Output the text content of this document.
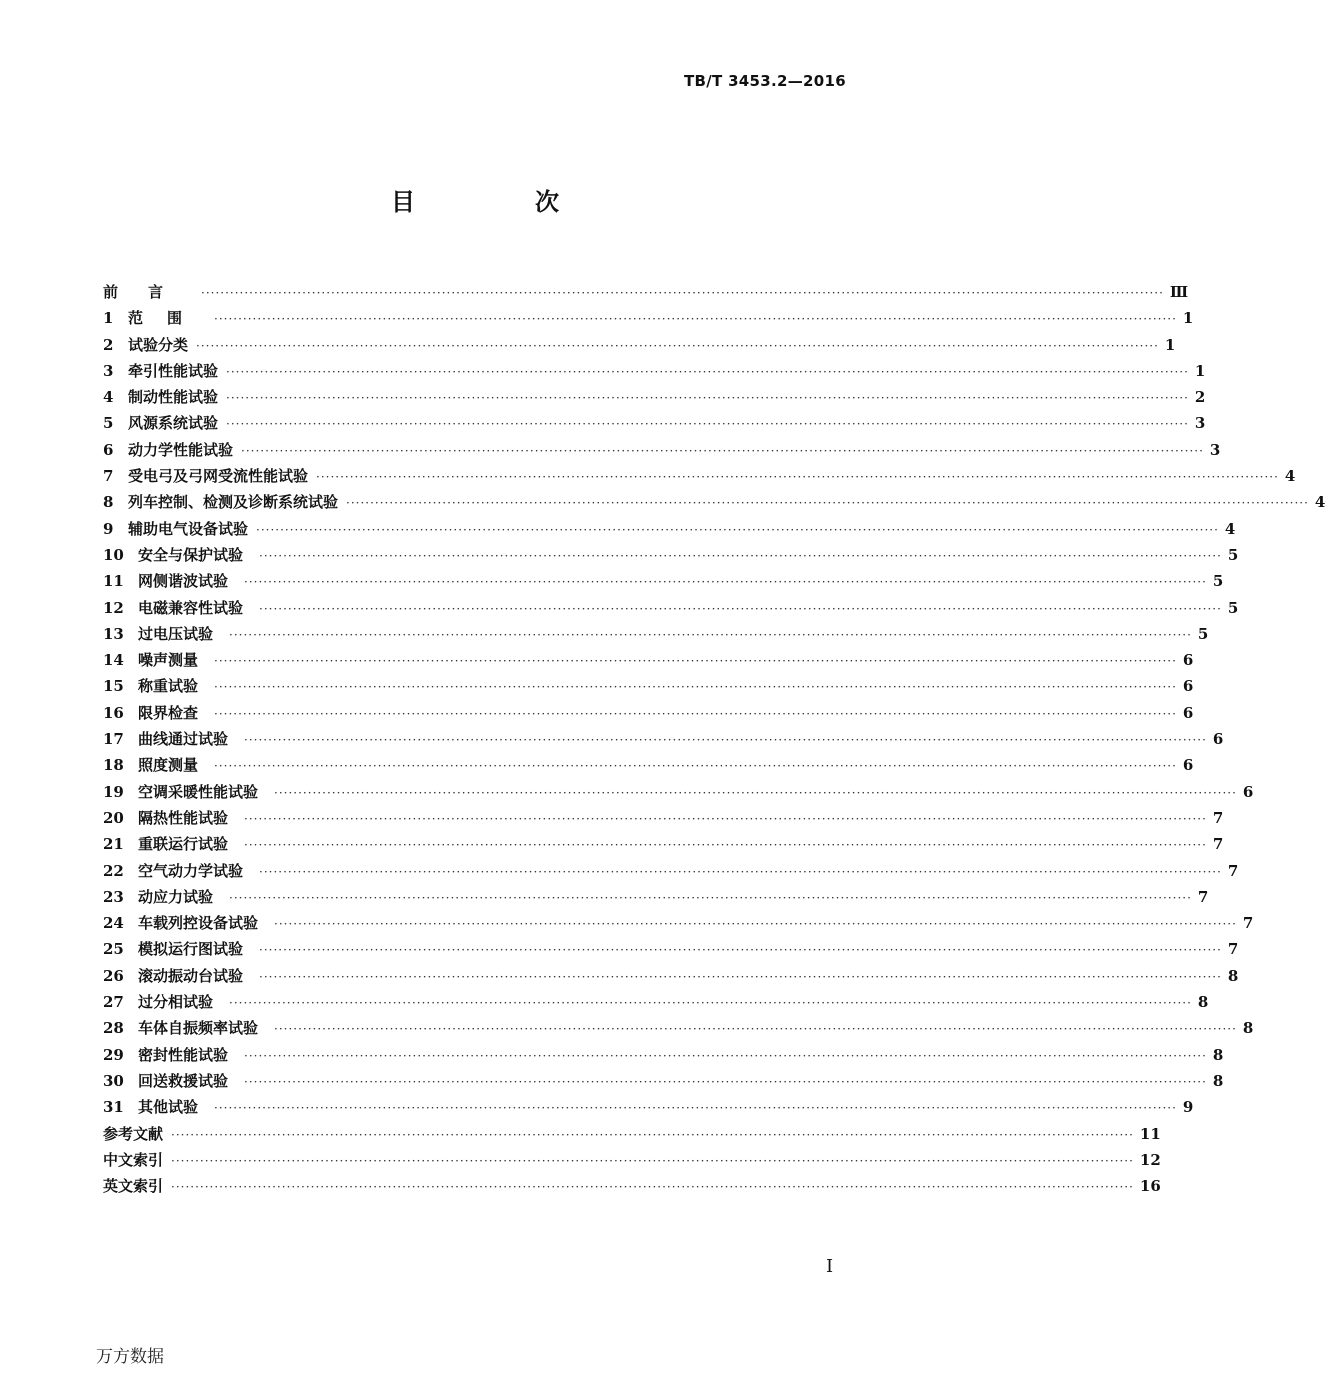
TB/T 3453.2—2016
目　次
前言 ········································································································································································································ Ⅲ
1 范围 ········································································································································································································ 1
2 试验分类 ········································································································································································································ 1
3 牵引性能试验 ········································································································································································································ 1
4 制动性能试验 ········································································································································································································ 2
5 风源系统试验 ········································································································································································································ 3
6 动力学性能试验 ········································································································································································································ 3
7 受电弓及弓网受流性能试验 ········································································································································································································ 4
8 列车控制、检测及诊断系统试验 ········································································································································································································ 4
9 辅助电气设备试验 ········································································································································································································ 4
10 安全与保护试验 ········································································································································································································ 5
11 网侧谐波试验 ········································································································································································································ 5
12 电磁兼容性试验 ········································································································································································································ 5
13 过电压试验 ········································································································································································································ 5
14 噪声测量 ········································································································································································································ 6
15 称重试验 ········································································································································································································ 6
16 限界检查 ········································································································································································································ 6
17 曲线通过试验 ········································································································································································································ 6
18 照度测量 ········································································································································································································ 6
19 空调采暖性能试验 ········································································································································································································ 6
20 隔热性能试验 ········································································································································································································ 7
21 重联运行试验 ········································································································································································································ 7
22 空气动力学试验 ········································································································································································································ 7
23 动应力试验 ········································································································································································································ 7
24 车载列控设备试验 ········································································································································································································ 7
25 模拟运行图试验 ········································································································································································································ 7
26 滚动振动台试验 ········································································································································································································ 8
27 过分相试验 ········································································································································································································ 8
28 车体自振频率试验 ········································································································································································································ 8
29 密封性能试验 ········································································································································································································ 8
30 回送救援试验 ········································································································································································································ 8
31 其他试验 ········································································································································································································ 9
参考文献 ········································································································································································································ 11
中文索引 ········································································································································································································ 12
英文索引 ········································································································································································································ 16
Ⅰ
万方数据
